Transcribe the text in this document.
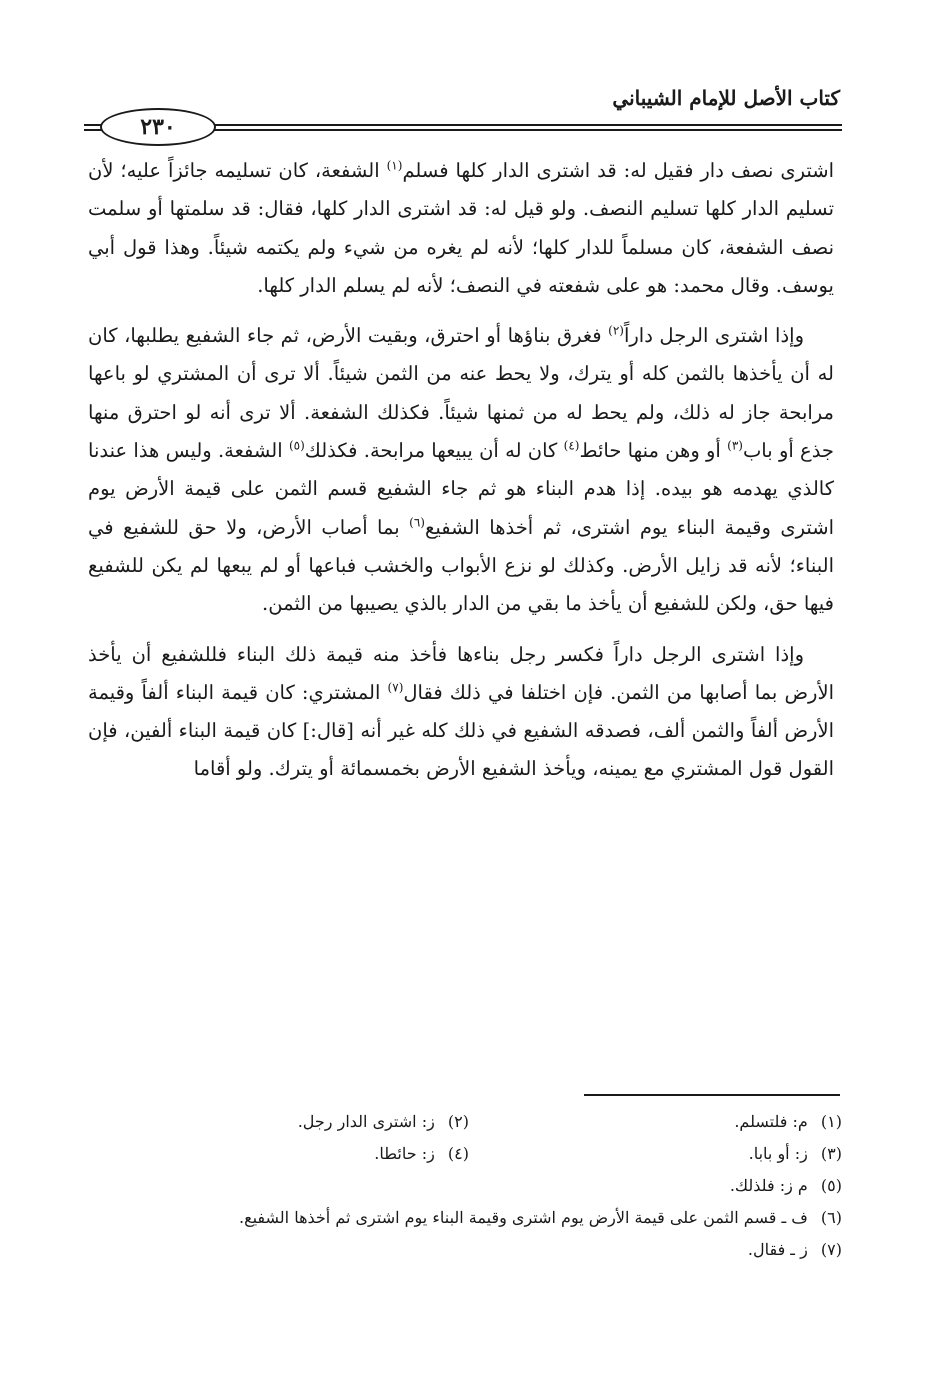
كتاب الأصل للإمام الشيباني
٢٣٠

اشترى نصف دار فقيل له: قد اشترى الدار كلها فسلم$^{(١)}$ الشفعة، كان تسليمه جائزاً عليه؛ لأن تسليم الدار كلها تسليم النصف. ولو قيل له: قد اشترى الدار كلها، فقال: قد سلمتها أو سلمت نصف الشفعة، كان مسلماً للدار كلها؛ لأنه لم يغره من شيء ولم يكتمه شيئاً. وهذا قول أبي يوسف. وقال محمد: هو على شفعته في النصف؛ لأنه لم يسلم الدار كلها.

وإذا اشترى الرجل داراً$^{(٢)}$ فغرق بناؤها أو احترق، وبقيت الأرض، ثم جاء الشفيع يطلبها، كان له أن يأخذها بالثمن كله أو يترك، ولا يحط عنه من الثمن شيئاً. ألا ترى أن المشتري لو باعها مرابحة جاز له ذلك، ولم يحط له من ثمنها شيئاً. فكذلك الشفعة. ألا ترى أنه لو احترق منها جذع أو باب$^{(٣)}$ أو وهن منها حائط$^{(٤)}$ كان له أن يبيعها مرابحة. فكذلك$^{(٥)}$ الشفعة. وليس هذا عندنا كالذي يهدمه هو بيده. إذا هدم البناء هو ثم جاء الشفيع قسم الثمن على قيمة الأرض يوم اشترى وقيمة البناء يوم اشترى، ثم أخذها الشفيع$^{(٦)}$ بما أصاب الأرض، ولا حق للشفيع في البناء؛ لأنه قد زايل الأرض. وكذلك لو نزع الأبواب والخشب فباعها أو لم يبعها لم يكن للشفيع فيها حق، ولكن للشفيع أن يأخذ ما بقي من الدار بالذي يصيبها من الثمن.

وإذا اشترى الرجل داراً فكسر رجل بناءها فأخذ منه قيمة ذلك البناء فللشفيع أن يأخذ الأرض بما أصابها من الثمن. فإن اختلفا في ذلك فقال$^{(٧)}$ المشتري: كان قيمة البناء ألفاً وقيمة الأرض ألفاً والثمن ألف، فصدقه الشفيع في ذلك كله غير أنه [قال:] كان قيمة البناء ألفين، فإن القول قول المشتري مع يمينه، ويأخذ الشفيع الأرض بخمسمائة أو يترك. ولو أقاما

(١) م: فلتسلم.
(٢) ز: اشترى الدار رجل.
(٣) ز: أو بابا.
(٤) ز: حائطا.
(٥) م ز: فلذلك.
(٦) ف ـ قسم الثمن على قيمة الأرض يوم اشترى وقيمة البناء يوم اشترى ثم أخذها الشفيع.
(٧) ز ـ فقال.
